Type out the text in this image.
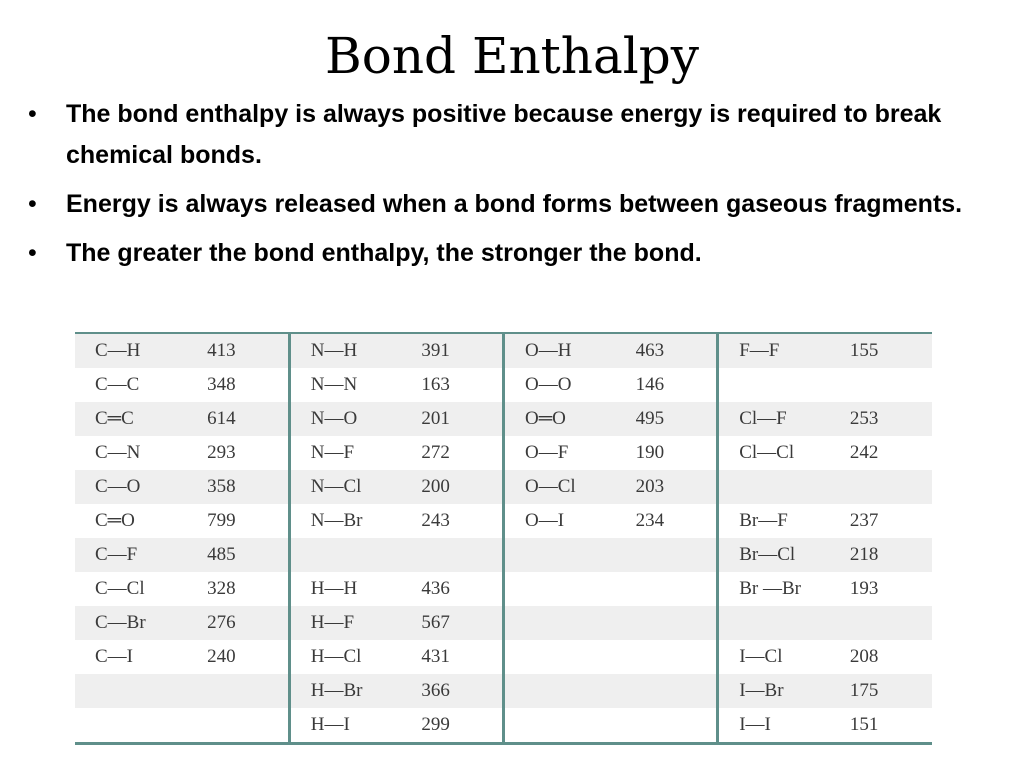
Bond Enthalpy
• The bond enthalpy is always positive because energy is required to break chemical bonds.
• Energy is always released when a bond forms between gaseous fragments.
• The greater the bond enthalpy, the stronger the bond.
C—H	413	N—H	391	O—H	463	F—F	155
C—C	348	N—N	163	O—O	146		
C═C	614	N—O	201	O═O	495	Cl—F	253
C—N	293	N—F	272	O—F	190	Cl—Cl	242
C—O	358	N—Cl	200	O—Cl	203		
C═O	799	N—Br	243	O—I	234	Br—F	237
C—F	485					Br—Cl	218
C—Cl	328	H—H	436			Br —Br	193
C—Br	276	H—F	567				
C—I	240	H—Cl	431			I—Cl	208
		H—Br	366			I—Br	175
		H—I	299			I—I	151
